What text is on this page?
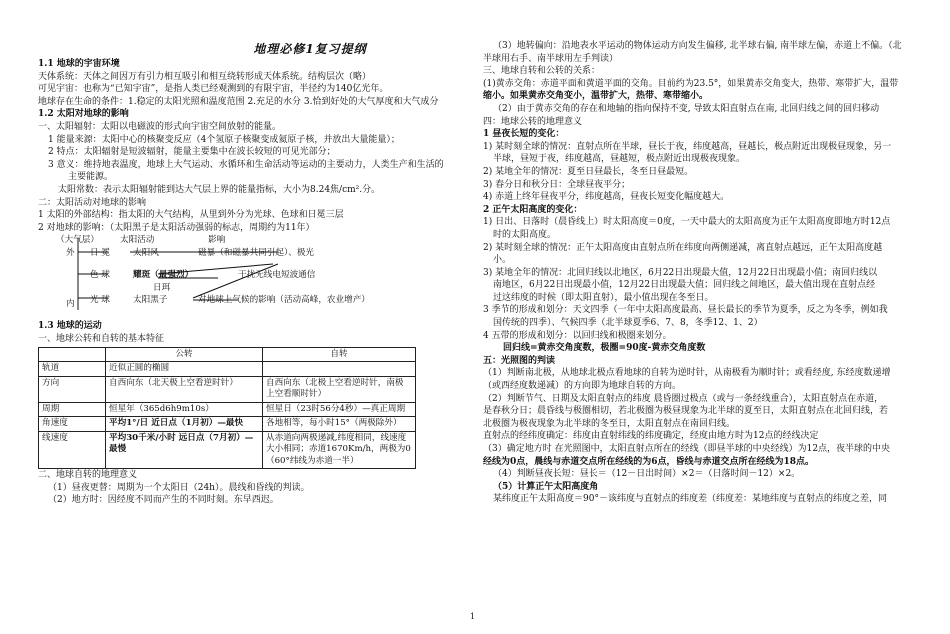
地理必修1复习提纲
1.1 地球的宇宙环境
天体系统：天体之间因万有引力相互吸引和相互绕转形成天体系统。结构层次（略）
可见宇宙：也称为“已知宇宙”，是指人类已经观测到的有限宇宙，半径约为140亿光年。
地球存在生命的条件：1.稳定的太阳光照和温度范围 2.充足的水分 3.恰到好处的大气厚度和大气成分
1.2 太阳对地球的影响
一、太阳辐射：太阳以电磁波的形式向宇宙空间放射的能量。
1 能量来源：太阳中心的核聚变反应（4个氢原子核聚变成氦原子核，并放出大量能量）；
2 特点：太阳辐射是短波辐射，能量主要集中在波长较短的可见光部分；
3 意义：维持地表温度，地球上大气运动、水循环和生命活动等运动的主要动力，人类生产和生活的
主要能源。
太阳常数：表示太阳辐射能到达大气层上界的能量指标，大小为8.24焦/cm².分。
二：太阳活动对地球的影响
1 太阳的外部结构：指太阳的大气结构，从里到外分为光球、色球和日冕三层
2 对地球的影响：（太阳黑子是太阳活动强弱的标志，周期约为11年）
（大气层） 太阳活动	影响
外 日 冕	太阳风	磁暴（和磁暴共同引起）、极光
色 球	耀斑（最强烈）	干扰无线电短波通信
日珥
内 光 球	太阳黑子	对地球上气候的影响（活动高峰，农业增产）
1.3 地球的运动
一、地球公转和自转的基本特征
	公转	自转
轨道	近似正圆的椭圆	
方向	自西向东（北天极上空看逆时针）	自西向东（北极上空看逆时针，南极上空看顺时针）
周期	恒星年（365d6h9m10s）	恒星日（23时56分4秒）—真正周期
角速度	平均1°/日 近日点（1月初）—最快	各地相等，每小时15°（两极除外）
线速度	平均30千米/小时 远日点（7月初）—最慢	从赤道向两极递减,纬度相同，线速度大小相同；赤道1670Km/h，两极为0（60°纬线为赤道一半）
二、地球自转的地理意义
（1）昼夜更替：周期为一个太阳日（24h）。晨线和昏线的判读。
（2）地方时：因经度不同而产生的不同时刻。东早西迟。
（3）地转偏向：沿地表水平运动的物体运动方向发生偏移, 北半球右偏, 南半球左偏，赤道上不偏。（北
半球用右手、南半球用左手判读）
三、地球自转和公转的关系：
(1)黄赤交角：赤道平面和黄道平面的交角。目前约为23.5°，如果黄赤交角变大，热带、寒带扩大，温带
缩小。如果黄赤交角变小，温带扩大，热带、寒带缩小。
（2）由于黄赤交角的存在和地轴的指向保持不变, 导致太阳直射点在南, 北回归线之间的回归移动
四：地球公转的地理意义
1 昼夜长短的变化：
1) 某时刻全球的情况：直射点所在半球，昼长于夜，纬度越高，昼越长，极点附近出现极昼现象，另一
半球，昼短于夜，纬度越高，昼越短，极点附近出现极夜现象。
2) 某地全年的情况：夏至日昼最长，冬至日昼最短。
3) 春分日和秋分日：全球昼夜平分；
4) 赤道上终年昼夜平分，纬度越高，昼夜长短变化幅度越大。
2 正午太阳高度的变化：
1) 日出、日落时（晨昏线上）时太阳高度＝0度，一天中最大的太阳高度为正午太阳高度即地方时12点
时的太阳高度。
2) 某时刻全球的情况：正午太阳高度由直射点所在纬度向两侧递减，离直射点越远，正午太阳高度越
小。
3) 某地全年的情况：北回归线以北地区，6月22日出现最大值，12月22日出现最小值；南回归线以
南地区，6月22日出现最小值，12月22日出现最大值；回归线之间地区，最大值出现在直射点经
过这纬度的时候（即太阳直射），最小值出现在冬至日。
3 季节的形成和划分：天文四季（一年中太阳高度最高、昼长最长的季节为夏季，反之为冬季，例如我
国传统的四季）、气候四季（北半球夏季6、7、8，冬季12、1、2）
4 五带的形成和划分：以回归线和极圈来划分。
回归线=黄赤交角度数，极圈=90度-黄赤交角度数
五：光照图的判读
（1）判断南北极，从地球北极点看地球的自转为逆时针，从南极看为顺时针；或看经度, 东经度数递增
（或西经度数递减）的方向即为地球自转的方向。
（2）判断节气、日期及太阳直射点的纬度 晨昏圈过极点（或与一条经线重合），太阳直射点在赤道，
是春秋分日；晨昏线与极圈相切，若北极圈为极昼现象为北半球的夏至日，太阳直射点在北回归线，若
北极圈为极夜现象为北半球的冬至日，太阳直射点在南回归线。
直射点的经纬度确定：纬度由直射纬线的纬度确定，经度由地方时为12点的经线决定
（3）确定地方时 在光照图中，太阳直射点所在的经线（即昼半球的中央经线）为12点，夜半球的中央
经线为0点，晨线与赤道交点所在经线的为6点，昏线与赤道交点所在经线为18点。
（4）判断昼夜长短：昼长＝（12－日出时间）×2＝（日落时间－12）×2。
（5）计算正午太阳高度角
某纬度正午太阳高度＝90°－该纬度与直射点的纬度差（纬度差：某地纬度与直射点的纬度之差，同
1
